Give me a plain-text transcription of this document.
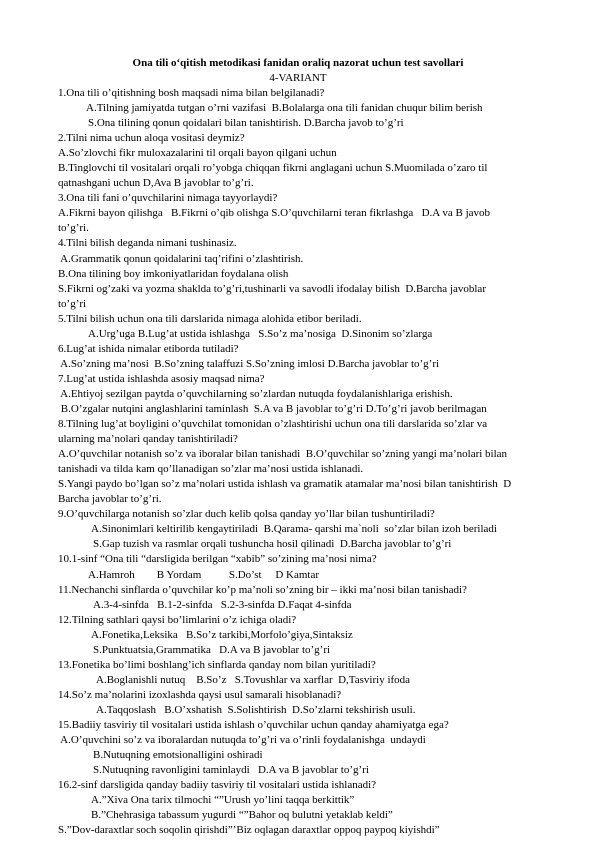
Ona tili o‘qitish metodikasi fanidan oraliq nazorat uchun test savollari
4-VARIANT
1.Ona tili o’qitishning bosh maqsadi nima bilan belgilanadi?
A.Tilning jamiyatda tutgan o’rni vazifasi  B.Bolalarga ona tili fanidan chuqur bilim berish
S.Ona tilining qonun qoidalari bilan tanishtirish. D.Barcha javob to’g’ri
2.Tilni nima uchun aloqa vositasi deymiz?
A.So’zlovchi fikr muloxazalarini til orqali bayon qilgani uchun
B.Tinglovchi til vositalari orqali ro’yobga chiqqan fikrni anglagani uchun S.Muomilada o’zaro til
qatnashgani uchun D,Ava B javoblar to’g’ri.
3.Ona tili fani o’quvchilarini nimaga tayyorlaydi?
A.Fikrni bayon qilishga   B.Fikrni o’qib olishga S.O’quvchilarni teran fikrlashga   D.A va B javob
to’g’ri.
4.Tilni bilish deganda nimani tushinasiz.
A.Grammatik qonun qoidalarini taq’rifini o’zlashtirish.
B.Ona tilining boy imkoniyatlaridan foydalana olish
S.Fikrni og’zaki va yozma shaklda to’g’ri,tushinarli va savodli ifodalay bilish  D.Barcha javoblar
to’g’ri
5.Tilni bilish uchun ona tili darslarida nimaga alohida etibor beriladi.
A.Urg’uga B.Lug’at ustida ishlashga   S.So’z ma’nosiga  D.Sinonim so’zlarga
6.Lug’at ishida nimalar etiborda tutiladi?
A.So’zning ma’nosi  B.So’zning talaffuzi S.So’zning imlosi D.Barcha javoblar to’g’ri
7.Lug’at ustida ishlashda asosiy maqsad nima?
A.Ehtiyoj sezilgan paytda o’quvchilarning so’zlardan nutuqda foydalanishlariga erishish.
B.O’zgalar nutqini anglashlarini taminlash  S.A va B javoblar to’g’ri D.To’g’ri javob berilmagan
8.Tilning lug’at boyligini o’quvchilat tomonidan o’zlashtirishi uchun ona tili darslarida so’zlar va
ularning ma’nolari qanday tanishtiriladi?
A.O’quvchilar notanish so’z va iboralar bilan tanishadi  B.O’quvchilar so’zning yangi ma’nolari bilan
tanishadi va tilda kam qo’llanadigan so’zlar ma’nosi ustida ishlanadi.
S.Yangi paydo bo’lgan so’z ma’nolari ustida ishlash va gramatik atamalar ma’nosi bilan tanishtirish  D
Barcha javoblar to’g’ri.
9.O’quvchilarga notanish so’zlar duch kelib qolsa qanday yo’llar bilan tushuntiriladi?
A.Sinonimlari keltirilib kengaytiriladi  B.Qarama- qarshi ma`noli  so’zlar bilan izoh beriladi
S.Gap tuzish va rasmlar orqali tushuncha hosil qilinadi  D.Barcha javoblar to’g’ri
10.1-sinf “Ona tili “darsligida berilgan “xabib” so’zining ma’nosi nima?
A.Hamroh        B Yordam          S.Do’st     D Kamtar
11.Nechanchi sinflarda o’quvchilar ko’p ma’noli so’zning bir – ikki ma’nosi bilan tanishadi?
A.3-4-sinfda   B.1-2-sinfda   S.2-3-sinfda D.Faqat 4-sinfda
12.Tilning sathlari qaysi bo’limlarini o’z ichiga oladi?
A.Fonetika,Leksika   B.So’z tarkibi,Morfolo’giya,Sintaksiz
S.Punktuatsia,Grammatika   D.A va B javoblar to’g’ri
13.Fonetika bo’limi boshlang’ich sinflarda qanday nom bilan yuritiladi?
A.Boglanishli nutuq    B.So’z   S.Tovushlar va xarflar  D,Tasviriy ifoda
14.So’z ma’nolarini izoxlashda qaysi usul samarali hisoblanadi?
A.Taqqoslash   B.O’xshatish  S.Solishtirish  D.So’zlarni tekshirish usuli.
15.Badiiy tasviriy til vositalari ustida ishlash o’quvchilar uchun qanday ahamiyatga ega?
A.O’quvchini so’z va iboralardan nutuqda to’g’ri va o’rinli foydalanishga  undaydi
B.Nutuqning emotsionalligini oshiradi
S.Nutuqning ravonligini taminlaydi   D.A va B javoblar to’g’ri
16.2-sinf darsligida qanday badiiy tasviriy til vositalari ustida ishlanadi?
A.”Xiva Ona tarix tilmochi “”Urush yo’lini taqqa berkittik”
B.”Chehrasiga tabassum yugurdi “”Bahor oq bulutni yetaklab keldi”
S.”Dov-daraxtlar soch soqolin qirishdi”’Biz oqlagan daraxtlar oppoq paypoq kiyishdi”
